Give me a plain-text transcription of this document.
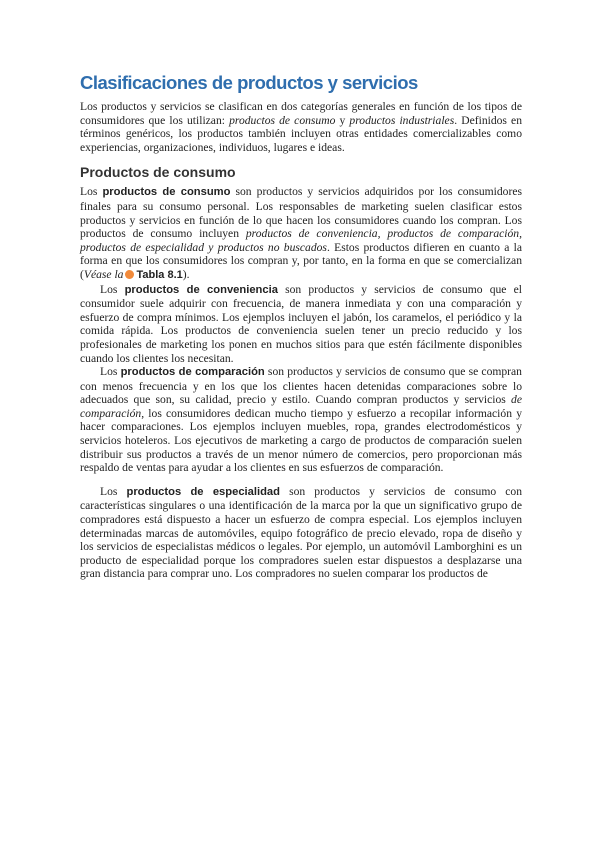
Clasificaciones de productos y servicios

Los productos y servicios se clasifican en dos categorías generales en función de los tipos de consumidores que los utilizan: productos de consumo y productos industriales. Definidos en términos genéricos, los productos también incluyen otras entidades comercializables como experiencias, organizaciones, individuos, lugares e ideas.

Productos de consumo

Los productos de consumo son productos y servicios adquiridos por los consumidores finales para su consumo personal. Los responsables de marketing suelen clasificar estos productos y servicios en función de lo que hacen los consumidores cuando los compran. Los productos de consumo incluyen productos de conveniencia, productos de comparación, productos de especialidad y productos no buscados. Estos productos difieren en cuanto a la forma en que los consumidores los compran y, por tanto, en la forma en que se comercializan (Véase la Tabla 8.1).

Los productos de conveniencia son productos y servicios de consumo que el consumidor suele adquirir con frecuencia, de manera inmediata y con una comparación y esfuerzo de compra mínimos. Los ejemplos incluyen el jabón, los caramelos, el periódico y la comida rápida. Los productos de conveniencia suelen tener un precio reducido y los profesionales de marketing los ponen en muchos sitios para que estén fácilmente disponibles cuando los clientes los necesitan.

Los productos de comparación son productos y servicios de consumo que se compran con menos frecuencia y en los que los clientes hacen detenidas comparaciones sobre lo adecuados que son, su calidad, precio y estilo. Cuando compran productos y servicios de comparación, los consumidores dedican mucho tiempo y esfuerzo a recopilar información y hacer comparaciones. Los ejemplos incluyen muebles, ropa, grandes electrodomésticos y servicios hoteleros. Los ejecutivos de marketing a cargo de productos de comparación suelen distribuir sus productos a través de un menor número de comercios, pero proporcionan más respaldo de ventas para ayudar a los clientes en sus esfuerzos de comparación.

Los productos de especialidad son productos y servicios de consumo con características singulares o una identificación de la marca por la que un significativo grupo de compradores está dispuesto a hacer un esfuerzo de compra especial. Los ejemplos incluyen determinadas marcas de automóviles, equipo fotográfico de precio elevado, ropa de diseño y los servicios de especialistas médicos o legales. Por ejemplo, un automóvil Lamborghini es un producto de especialidad porque los compradores suelen estar dispuestos a desplazarse una gran distancia para comprar uno. Los compradores no suelen comparar los productos de
